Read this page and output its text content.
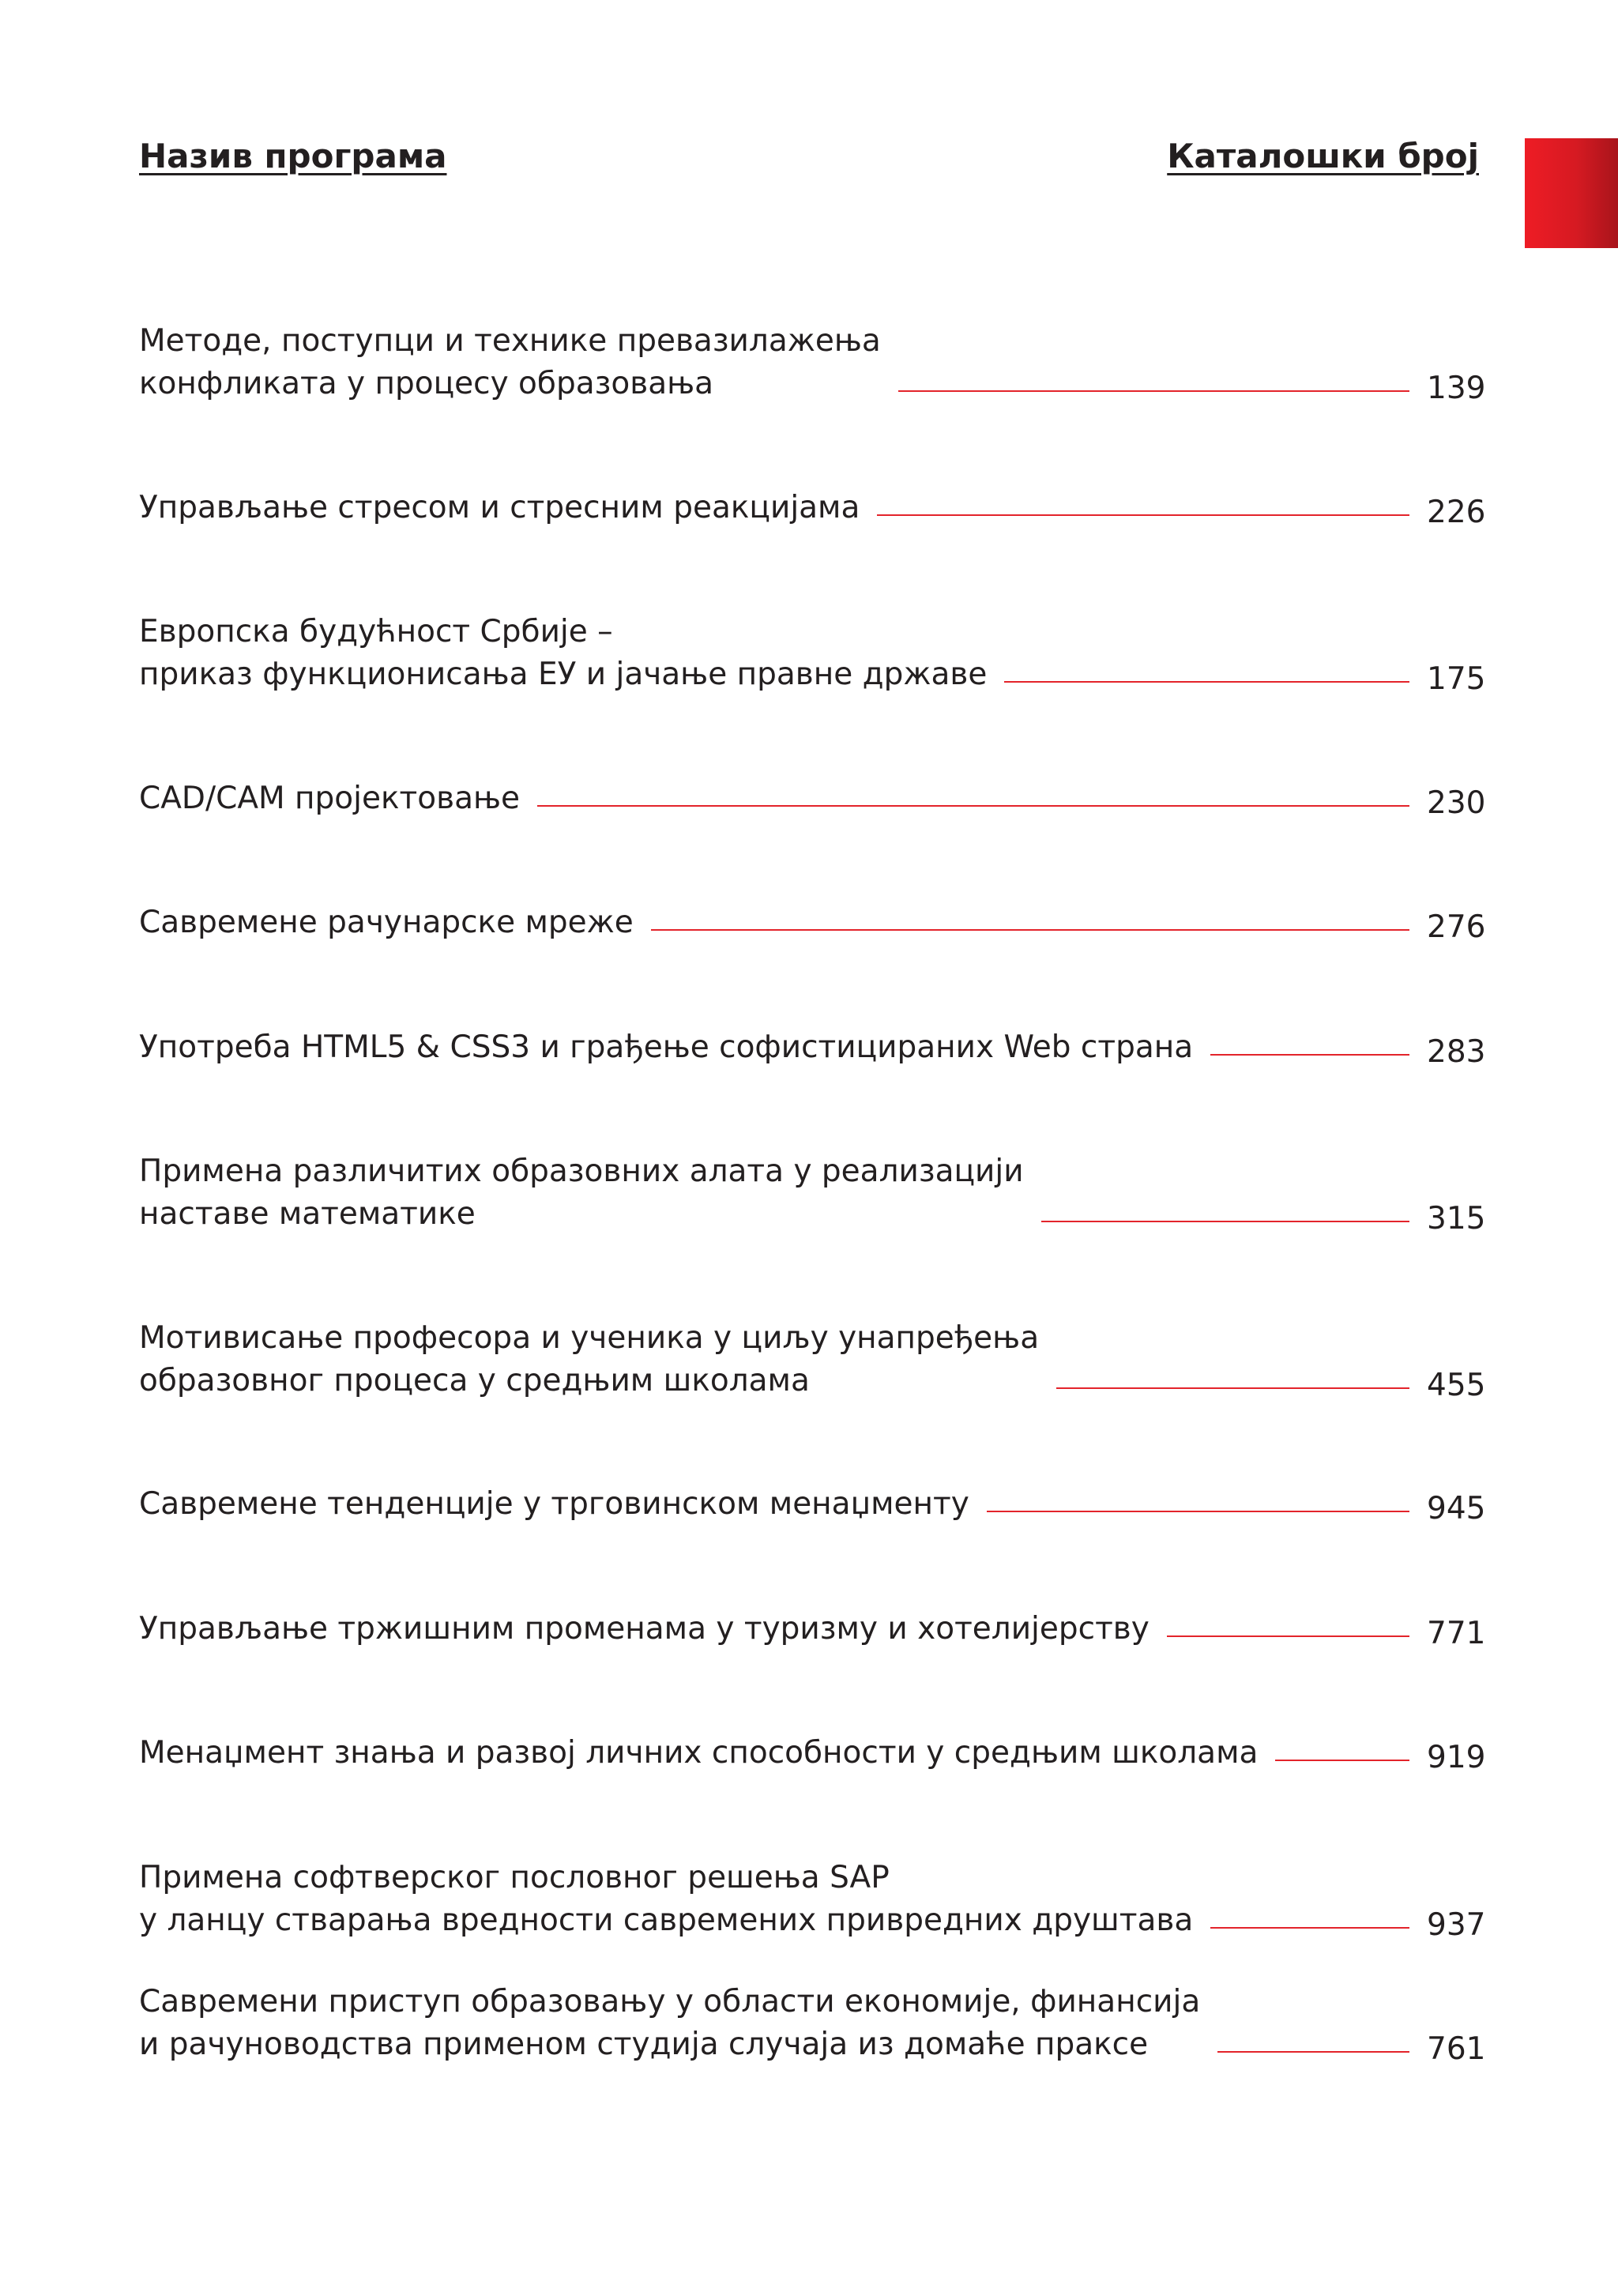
Назив програма	Каталошки број
Методе, поступци и технике превазилажења
конфликата у процесу образовања	139
Управљање стресом и стресним реакцијама	226
Европска будућност Србије –
приказ функционисања ЕУ и јачање правне државе	175
CAD/CAM пројектовање	230
Савремене рачунарске мреже	276
Употреба HTML5 & CSS3 и грађење софистицираних Web страна	283
Примена различитих образовних алата у реализацији
наставе математике	315
Мотивисање професора и ученика у циљу унапређења
образовног процеса у средњим школама	455
Савремене тенденције у трговинском менаџменту	945
Управљање тржишним променама у туризму и хотелијерству	771
Менаџмент знања и развој личних способности у средњим школама	919
Примена софтверског пословног решења SAP
у ланцу стварања вредности савремених привредних друштава	937
Савремени приступ образовању у области економије, финансија
и рачуноводства применом студија случаја из домаће праксе	761
